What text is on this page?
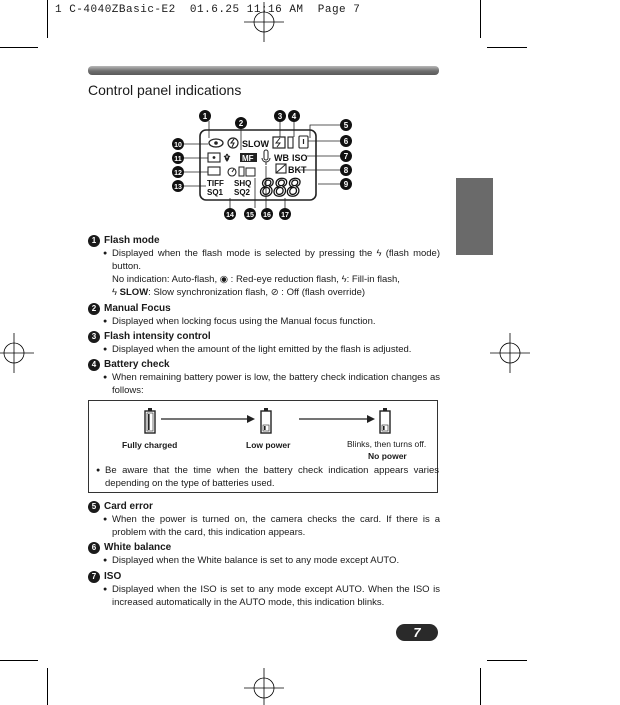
1 C-4040ZBasic-E2  01.6.25 11:16 AM  Page 7
Control panel indications
SLOW
MF WB ISO
BKT
888
TIFF SHQ
SQ1 SQ2
1
2
3 4
5
6
7
8
9
10
11
12
13
14 15 16 17
1 Flash mode
● Displayed when the flash mode is selected by pressing the ϟ (flash mode) button.
No indication: Auto-flash, ◉ : Red-eye reduction flash, ϟ: Fill-in flash,
ϟ SLOW: Slow synchronization flash, ⊘ : Off (flash override)
2 Manual Focus
● Displayed when locking focus using the Manual focus function.
3 Flash intensity control
● Displayed when the amount of the light emitted by the flash is adjusted.
4 Battery check
● When remaining battery power is low, the battery check indication changes as follows:
Fully charged	Low power	Blinks, then turns off.
No power
● Be aware that the time when the battery check indication appears varies depending on the type of batteries used.
5 Card error
● When the power is turned on, the camera checks the card. If there is a problem with the card, this indication appears.
6 White balance
● Displayed when the White balance is set to any mode except AUTO.
7 ISO
● Displayed when the ISO is set to any mode except AUTO. When the ISO is increased automatically in the AUTO mode, this indication blinks.
7
